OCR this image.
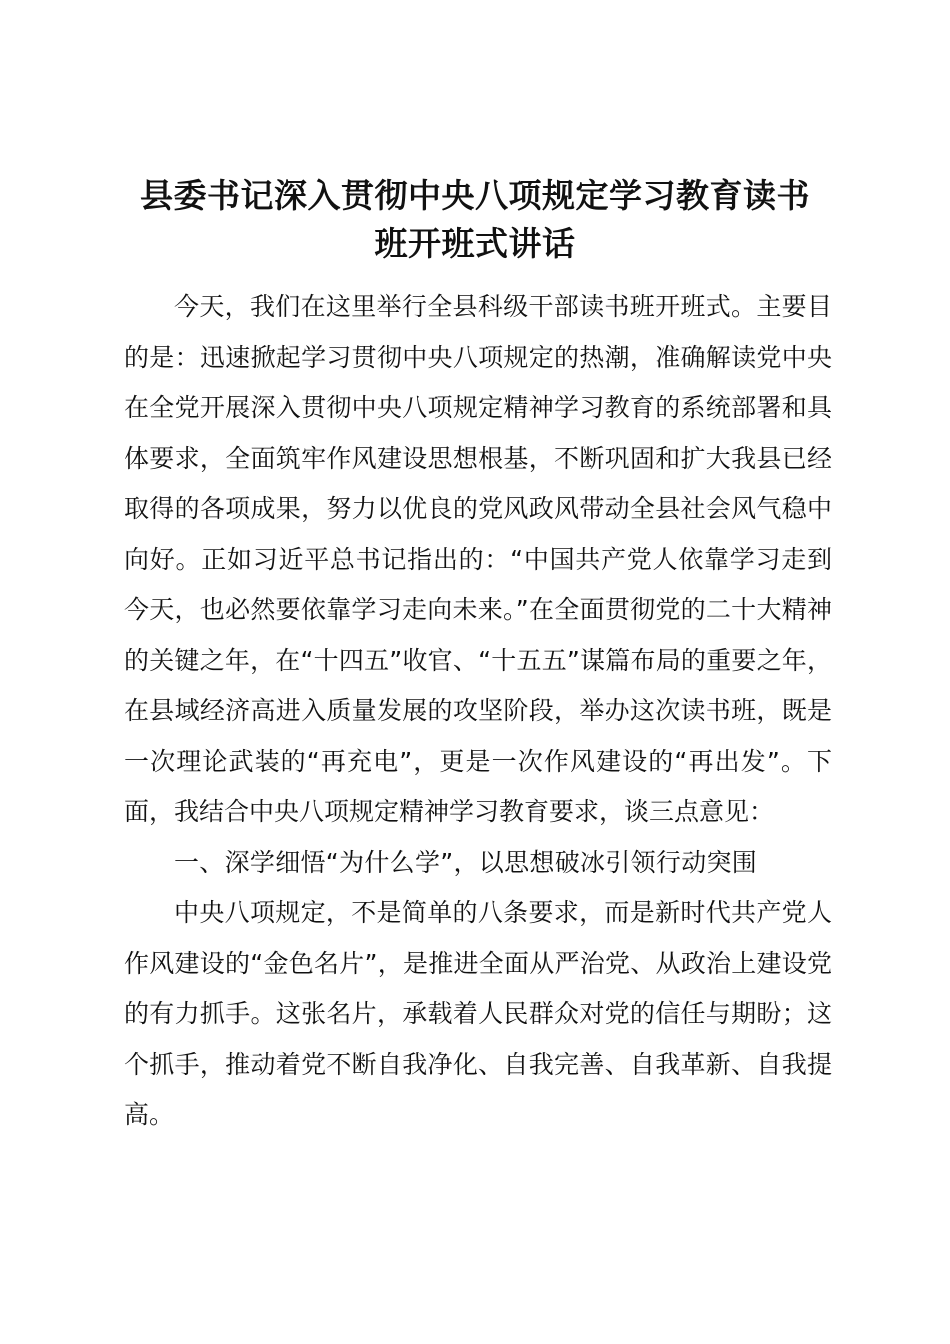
县委书记深入贯彻中央八项规定学习教育读书
班开班式讲话

今天，我们在这里举行全县科级干部读书班开班式。主要目的是：迅速掀起学习贯彻中央八项规定的热潮，准确解读党中央在全党开展深入贯彻中央八项规定精神学习教育的系统部署和具体要求，全面筑牢作风建设思想根基，不断巩固和扩大我县已经取得的各项成果，努力以优良的党风政风带动全县社会风气稳中向好。正如习近平总书记指出的：“中国共产党人依靠学习走到今天，也必然要依靠学习走向未来。”在全面贯彻党的二十大精神的关键之年，在“十四五”收官、“十五五”谋篇布局的重要之年，在县域经济高进入质量发展的攻坚阶段，举办这次读书班，既是一次理论武装的“再充电”，更是一次作风建设的“再出发”。下面，我结合中央八项规定精神学习教育要求，谈三点意见：

一、深学细悟“为什么学”，以思想破冰引领行动突围

中央八项规定，不是简单的八条要求，而是新时代共产党人作风建设的“金色名片”，是推进全面从严治党、从政治上建设党的有力抓手。这张名片，承载着人民群众对党的信任与期盼；这个抓手，推动着党不断自我净化、自我完善、自我革新、自我提高。
